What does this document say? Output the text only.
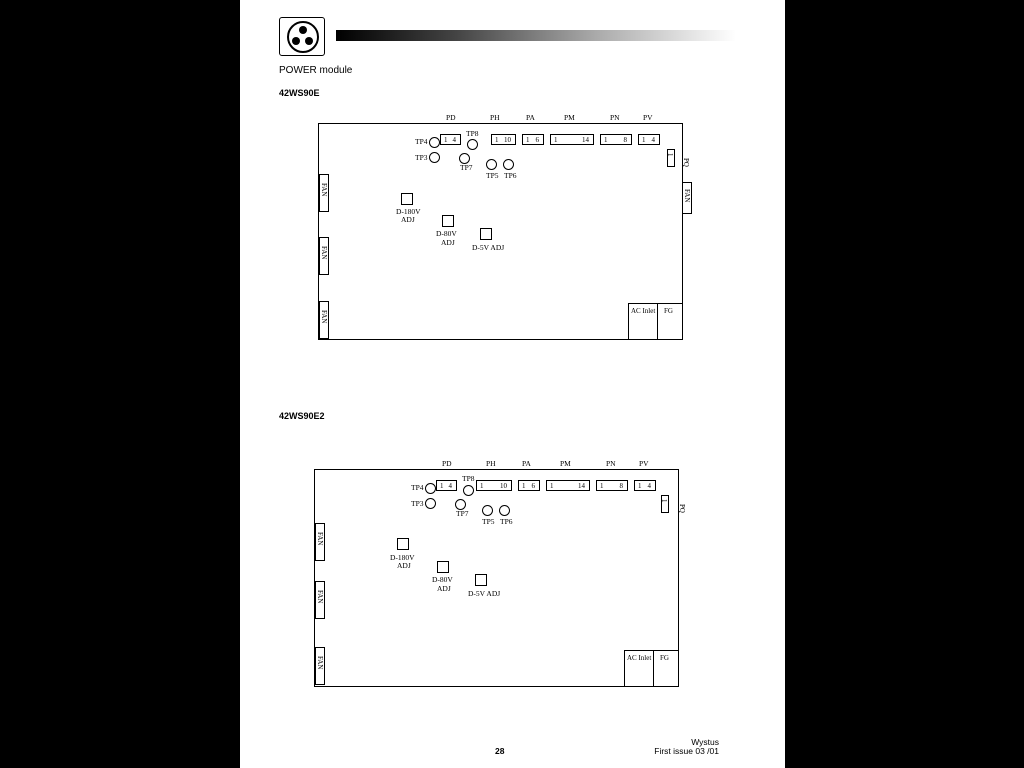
POWER module
42WS90E
PD	PH	PA	PM	PN	PV
1 4	1 10 1 6 1	14 1 8 1 4
1
PQ
FAN
TP4
TP3
TP8
TP7
TP5 TP6
D-180V
ADJ
D-80V
ADJ
D-5V ADJ
FAN
FAN
FAN	AC Inlet FG
42WS90E2
PD	PH	PA	PM	PN	PV
1 4	1 10 1 6 1	14 1 8 1 4
1
PQ
TP4
TP3
TP8
TP7
TP5 TP6
D-180V
ADJ
D-80V
ADJ
D-5V ADJ
FAN
FAN
FAN	AC Inlet FG
28
Wystus
First issue 03 /01
